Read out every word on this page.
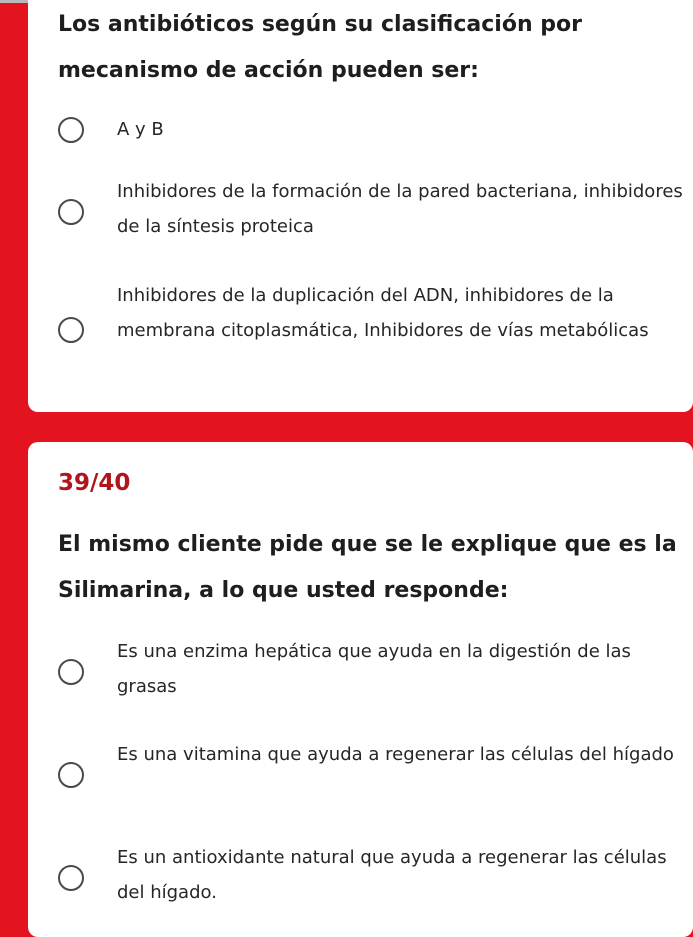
Los antibióticos según su clasificación por mecanismo de acción pueden ser:
A y B
Inhibidores de la formación de la pared bacteriana, inhibidores de la síntesis proteica
Inhibidores de la duplicación del ADN, inhibidores de la membrana citoplasmática, Inhibidores de vías metabólicas
39/40
El mismo cliente pide que se le explique que es la Silimarina, a lo que usted responde:
Es una enzima hepática que ayuda en la digestión de las grasas
Es una vitamina que ayuda a regenerar las células del hígado
Es un antioxidante natural que ayuda a regenerar las células del hígado.
